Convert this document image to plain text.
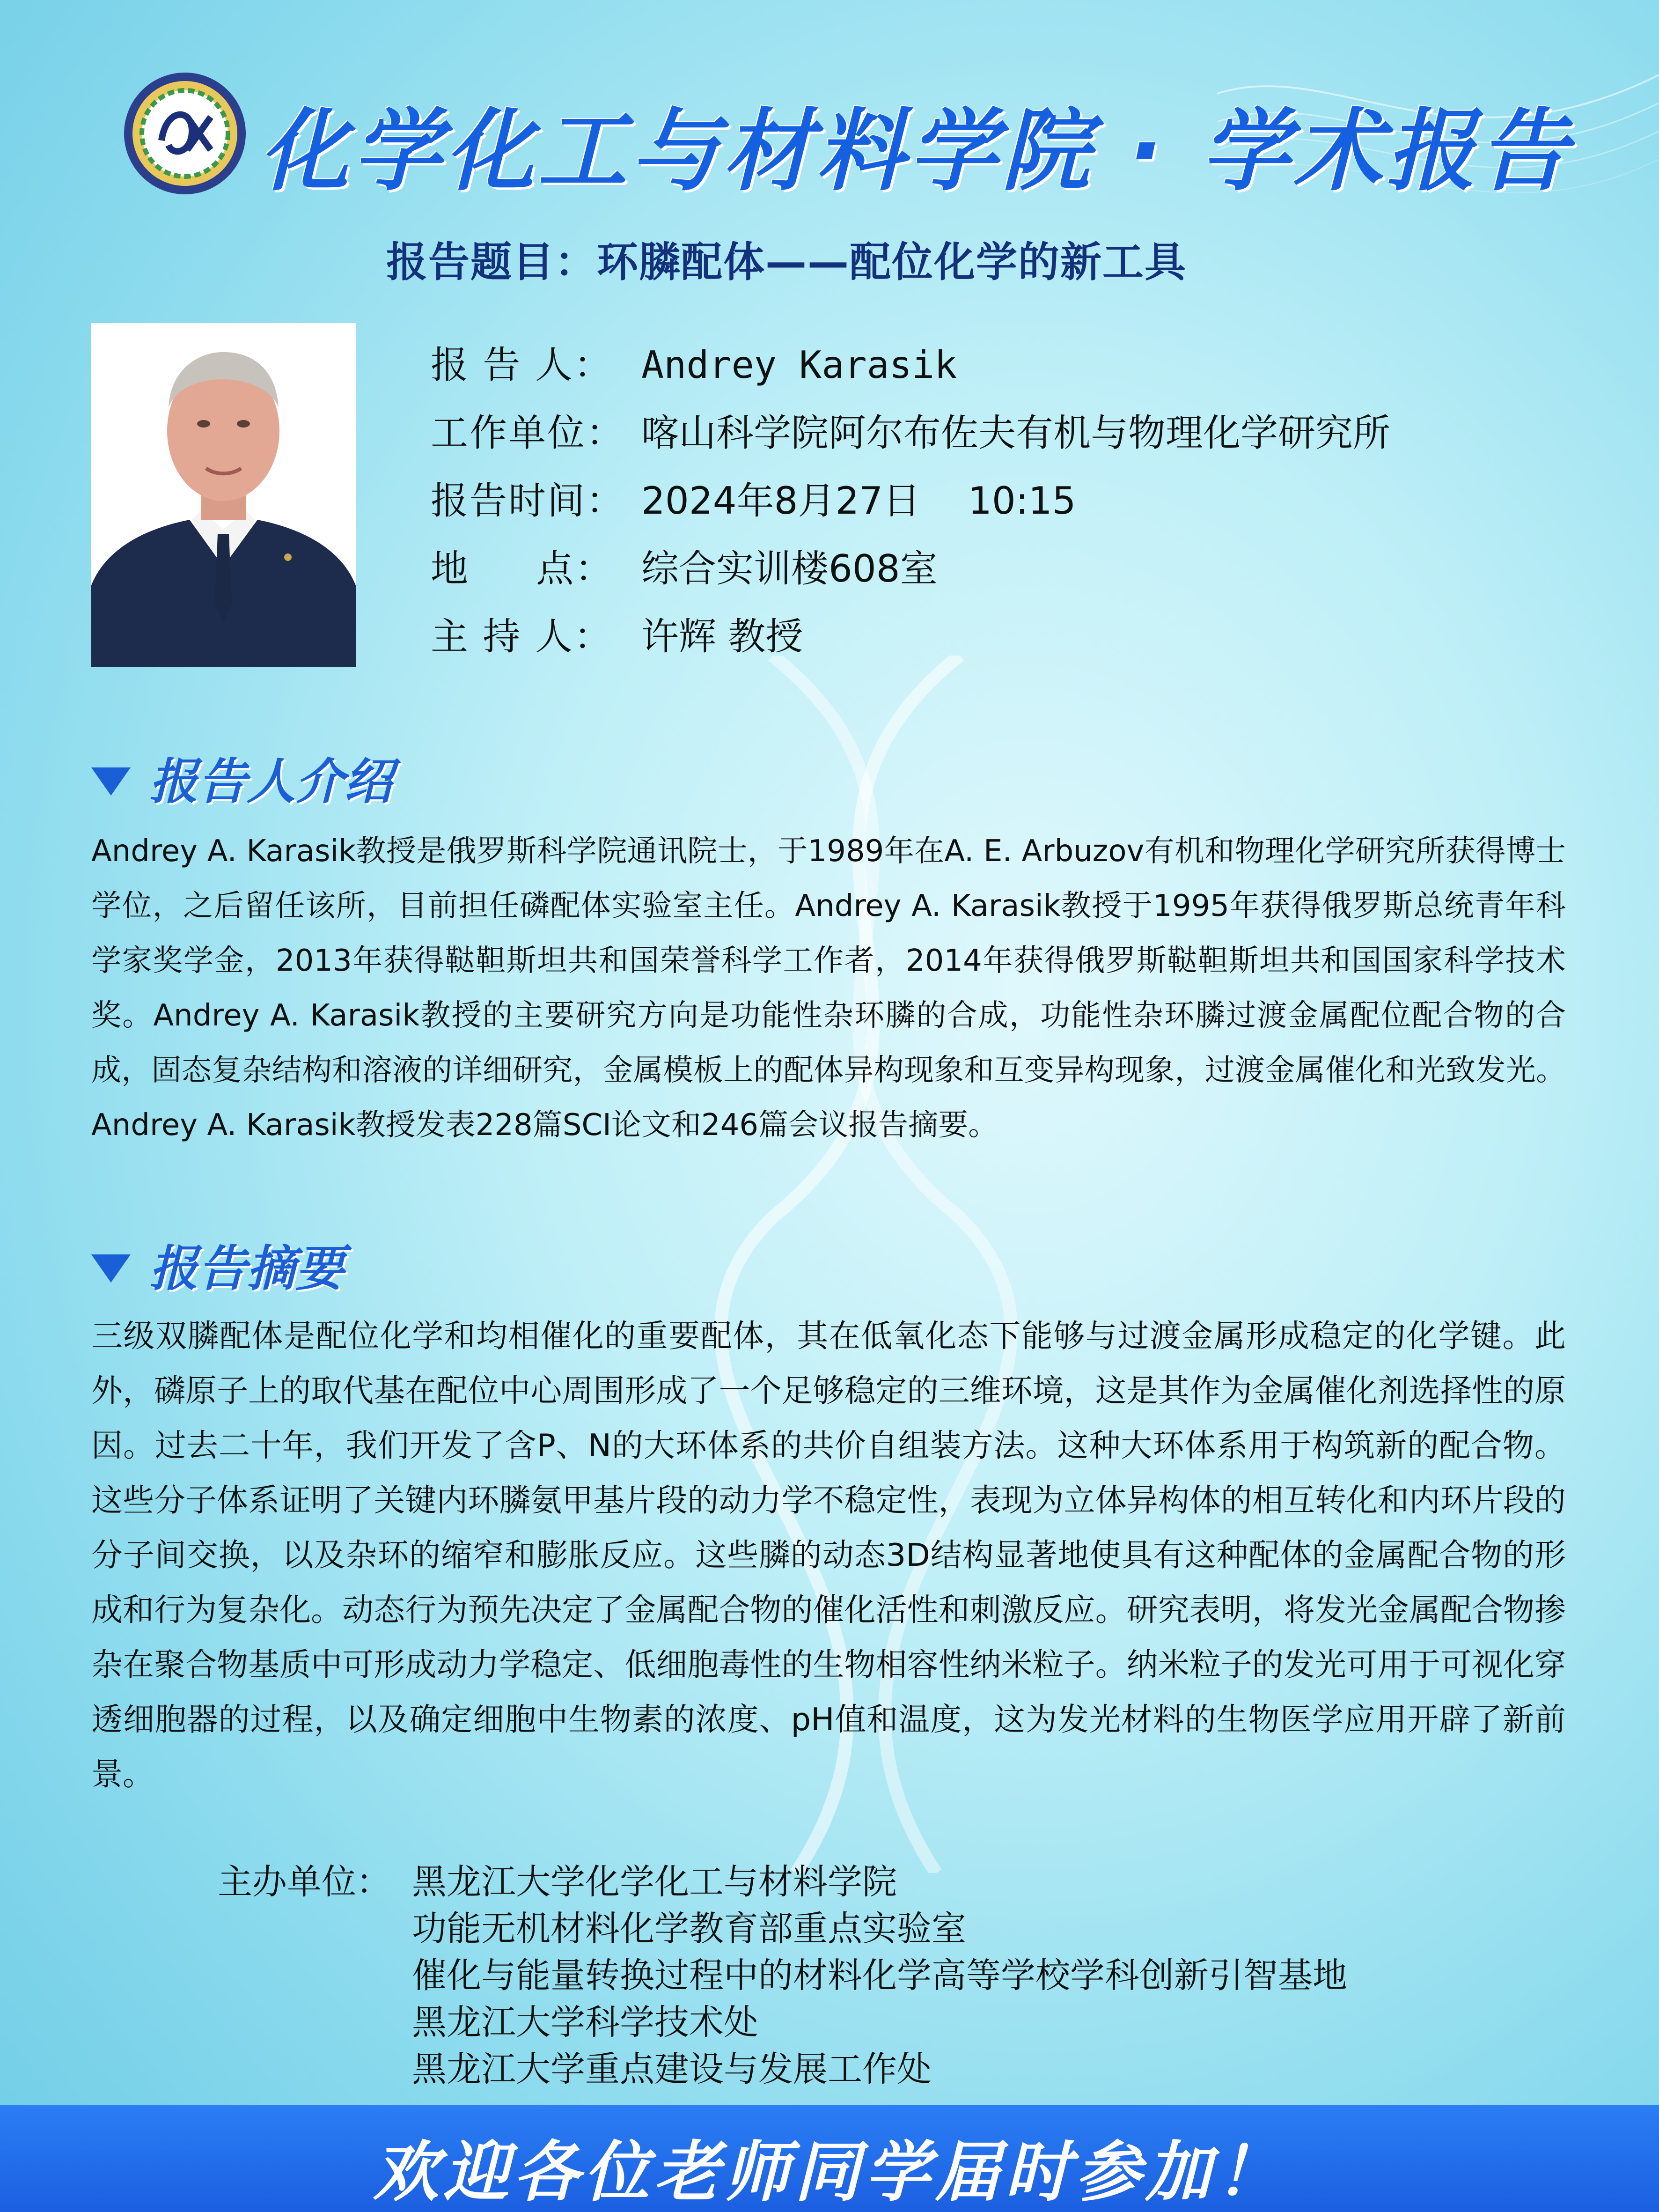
化学化工与材料学院 · 学术报告
报告题目：环膦配体——配位化学的新工具
报 告 人： Andrey Karasik
工作单位： 喀山科学院阿尔布佐夫有机与物理化学研究所
报告时间： 2024年8月27日    10:15
地     点： 综合实训楼608室
主 持 人： 许辉 教授
报告人介绍
Andrey A. Karasik教授是俄罗斯科学院通讯院士，于1989年在A. E. Arbuzov有机和物理化学研究所获得博士学位，之后留任该所，目前担任磷配体实验室主任。Andrey A. Karasik教授于1995年获得俄罗斯总统青年科学家奖学金，2013年获得鞑靼斯坦共和国荣誉科学工作者，2014年获得俄罗斯鞑靼斯坦共和国国家科学技术奖。Andrey A. Karasik教授的主要研究方向是功能性杂环膦的合成，功能性杂环膦过渡金属配位配合物的合成，固态复杂结构和溶液的详细研究，金属模板上的配体异构现象和互变异构现象，过渡金属催化和光致发光。Andrey A. Karasik教授发表228篇SCI论文和246篇会议报告摘要。
报告摘要
三级双膦配体是配位化学和均相催化的重要配体，其在低氧化态下能够与过渡金属形成稳定的化学键。此外，磷原子上的取代基在配位中心周围形成了一个足够稳定的三维环境，这是其作为金属催化剂选择性的原因。过去二十年，我们开发了含P、N的大环体系的共价自组装方法。这种大环体系用于构筑新的配合物。这些分子体系证明了关键内环膦氨甲基片段的动力学不稳定性，表现为立体异构体的相互转化和内环片段的分子间交换，以及杂环的缩窄和膨胀反应。这些膦的动态3D结构显著地使具有这种配体的金属配合物的形成和行为复杂化。动态行为预先决定了金属配合物的催化活性和刺激反应。研究表明，将发光金属配合物掺杂在聚合物基质中可形成动力学稳定、低细胞毒性的生物相容性纳米粒子。纳米粒子的发光可用于可视化穿透细胞器的过程，以及确定细胞中生物素的浓度、pH值和温度，这为发光材料的生物医学应用开辟了新前景。
主办单位： 黑龙江大学化学化工与材料学院
功能无机材料化学教育部重点实验室
催化与能量转换过程中的材料化学高等学校学科创新引智基地
黑龙江大学科学技术处
黑龙江大学重点建设与发展工作处
欢迎各位老师同学届时参加！
